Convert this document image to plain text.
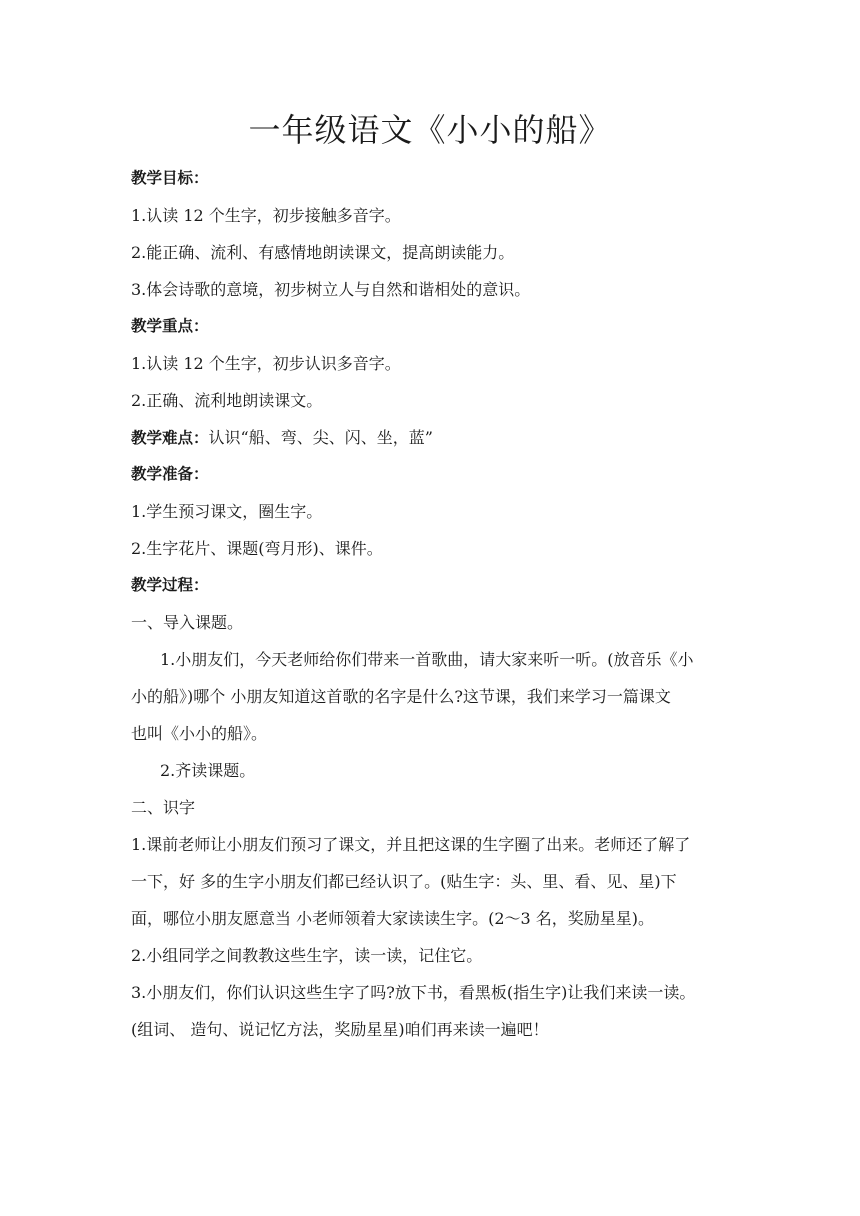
一年级语文《小小的船》

教学目标：

1.认读 12 个生字，初步接触多音字。

2.能正确、流利、有感情地朗读课文，提高朗读能力。

3.体会诗歌的意境，初步树立人与自然和谐相处的意识。

教学重点：

1.认读 12 个生字，初步认识多音字。

2.正确、流利地朗读课文。

教学难点：认识“船、弯、尖、闪、坐，蓝”

教学准备：

1.学生预习课文，圈生字。

2.生字花片、课题(弯月形)、课件。

教学过程：

一、导入课题。

1.小朋友们，今天老师给你们带来一首歌曲，请大家来听一听。(放音乐《小

小的船》)哪个 小朋友知道这首歌的名字是什么?这节课，我们来学习一篇课文

也叫《小小的船》。

2.齐读课题。

二、识字

1.课前老师让小朋友们预习了课文，并且把这课的生字圈了出来。老师还了解了

一下，好 多的生字小朋友们都已经认识了。(贴生字：头、里、看、见、星)下

面，哪位小朋友愿意当 小老师领着大家读读生字。(2～3 名，奖励星星)。

2.小组同学之间教教这些生字，读一读，记住它。

3.小朋友们，你们认识这些生字了吗?放下书，看黑板(指生字)让我们来读一读。

(组词、 造句、说记忆方法，奖励星星)咱们再来读一遍吧！
